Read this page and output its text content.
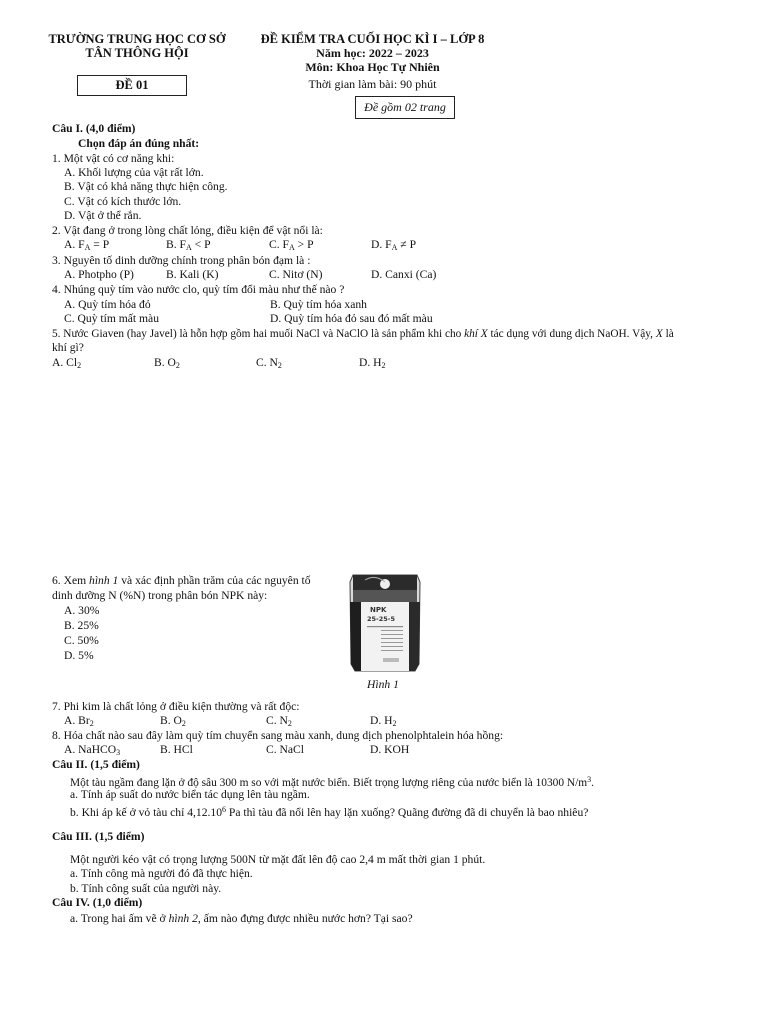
TRƯỜNG TRUNG HỌC CƠ SỞ
TÂN THÔNG HỘI
ĐỀ KIỂM TRA CUỐI HỌC KÌ I – LỚP 8
Năm học: 2022 – 2023
Môn: Khoa Học Tự Nhiên
Thời gian làm bài: 90 phút
ĐỀ 01
Đề gồm 02 trang
Câu I. (4,0 điểm)
Chọn đáp án đúng nhất:
1. Một vật có cơ năng khi:
A. Khối lượng của vật rất lớn.
B. Vật có khả năng thực hiện công.
C. Vật có kích thước lớn.
D. Vật ở thể rắn.
2. Vật đang ở trong lòng chất lỏng, điều kiện để vật nổi là:
A. $F_A = P$	B. $F_A < P$	C. $F_A > P$	D. $F_A \ne P$
3. Nguyên tố dinh dưỡng chính trong phân bón đạm là :
A. Photpho (P)	B. Kali (K)	C. Nitơ (N)	D. Canxi (Ca)
4. Nhúng quỳ tím vào nước clo, quỳ tím đổi màu như thế nào ?
A. Quỳ tím hóa đỏ	B. Quỳ tím hóa xanh
C. Quỳ tím mất màu	D. Quỳ tím hóa đỏ sau đó mất màu
5. Nước Giaven (hay Javel) là hỗn hợp gồm hai muối NaCl và NaClO là sản phẩm khi cho khí X tác dụng với dung dịch NaOH. Vậy, X là
khí gì?
A. $Cl_2$	B. $O_2$	C. $N_2$	D. $H_2$
6. Xem hình 1 và xác định phần trăm của các nguyên tố
dinh dưỡng N (%N) trong phân bón NPK này:
A. 30%
B. 25%
C. 50%
D. 5%
NPK
25-25-5
Hình 1
7. Phi kim là chất lỏng ở điều kiện thường và rất độc:
A. $Br_2$	B. $O_2$	C. $N_2$	D. $H_2$
8. Hóa chất nào sau đây làm quỳ tím chuyển sang màu xanh, dung dịch phenolphtalein hóa hồng:
A. NaHCO$_3$	B. HCl	C. NaCl	D. KOH
Câu II. (1,5 điểm)
Một tàu ngầm đang lặn ở độ sâu 300 m so với mặt nước biển. Biết trọng lượng riêng của nước biển là 10300 $N/m^3$.
a. Tính áp suất do nước biển tác dụng lên tàu ngầm.
b. Khi áp kế ở vỏ tàu chỉ 4,12.10$^6$ Pa thì tàu đã nổi lên hay lặn xuống? Quãng đường đã di chuyển là bao nhiêu?
Câu III. (1,5 điểm)
Một người kéo vật có trọng lượng 500N từ mặt đất lên độ cao 2,4 m mất thời gian 1 phút.
a. Tính công mà người đó đã thực hiện.
b. Tính công suất của người này.
Câu IV. (1,0 điểm)
a. Trong hai ấm vẽ ở hình 2, ấm nào đựng được nhiều nước hơn? Tại sao?
